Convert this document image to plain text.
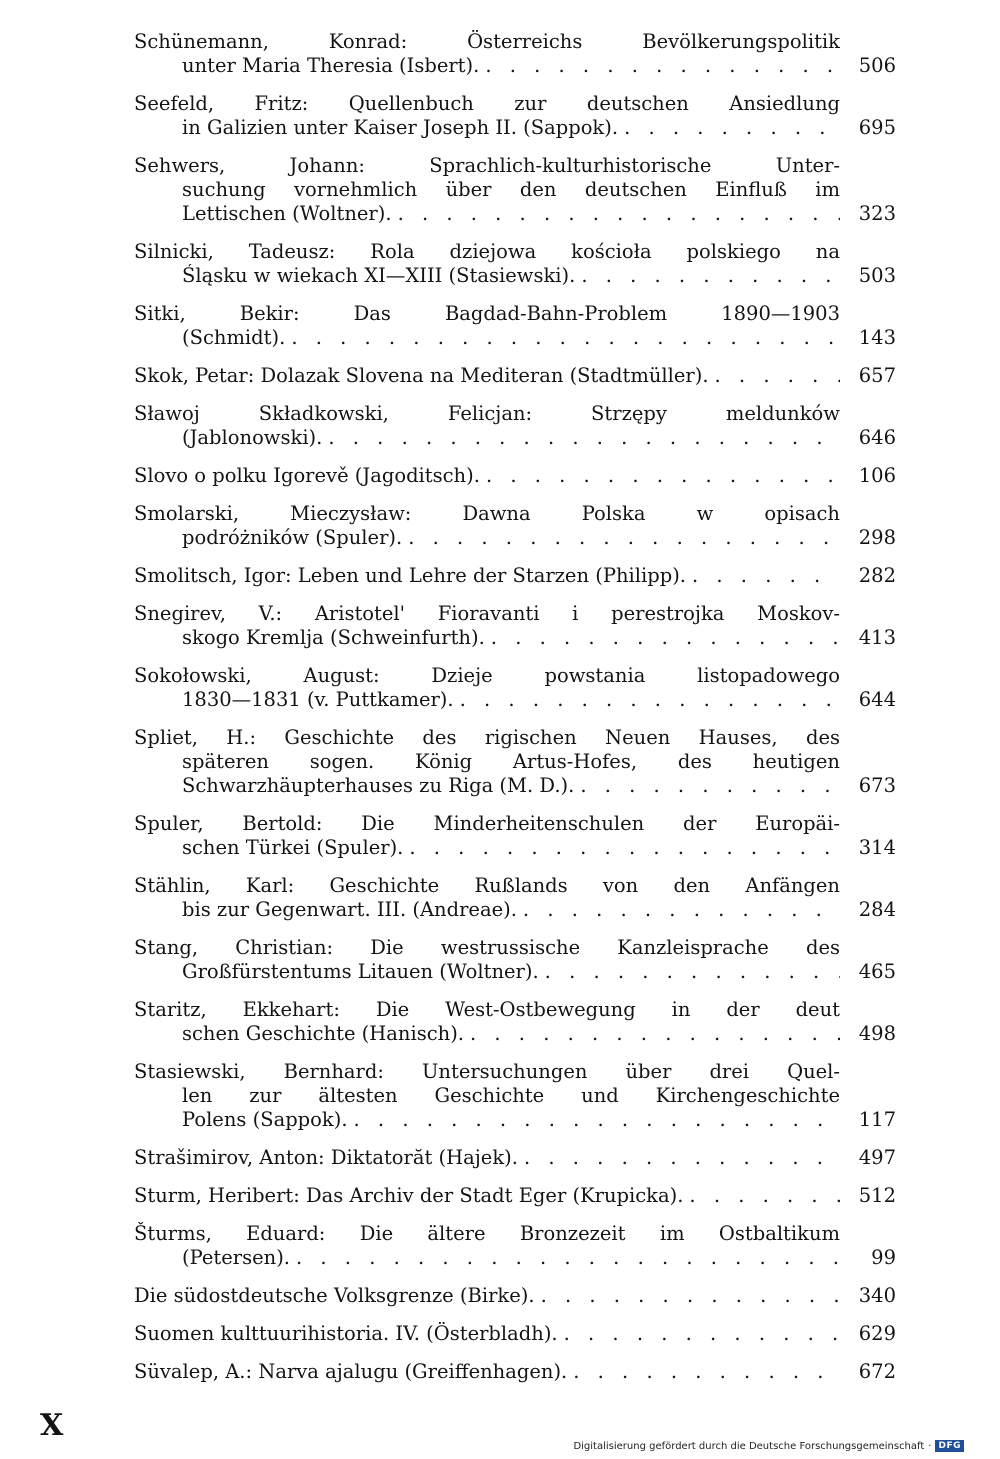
Schünemann, Konrad: Österreichs Bevölkerungspolitik
unter Maria Theresia (Isbert). . . .	506
Seefeld, Fritz: Quellenbuch zur deutschen Ansiedlung
in Galizien unter Kaiser Joseph II. (Sappok). . . .	695
Sehwers, Johann: Sprachlich-kulturhistorische Unter-
suchung vornehmlich über den deutschen Einfluß im
Lettischen (Woltner). . . .	323
Silnicki, Tadeusz: Rola dziejowa kościoła polskiego na
Śląsku w wiekach XI—XIII (Stasiewski). . . .	503
Sitki, Bekir: Das Bagdad-Bahn-Problem 1890—1903
(Schmidt). . . .	143
Skok, Petar: Dolazak Slovena na Mediteran (Stadtmüller). . . .	657
Sławoj Składkowski, Felicjan: Strzępy meldunków
(Jablonowski). . . .	646
Slovo o polku Igorevě (Jagoditsch). . . .	106
Smolarski, Mieczysław: Dawna Polska w opisach
podróżników (Spuler). . . .	298
Smolitsch, Igor: Leben und Lehre der Starzen (Philipp). . . .	282
Snegirev, V.: Aristotel' Fioravanti i perestrojka Moskov-
skogo Kremlja (Schweinfurth). . . .	413
Sokołowski, August: Dzieje powstania listopadowego
1830—1831 (v. Puttkamer). . . .	644
Spliet, H.: Geschichte des rigischen Neuen Hauses, des
späteren sogen. König Artus-Hofes, des heutigen
Schwarzhäupterhauses zu Riga (M. D.). . . .	673
Spuler, Bertold: Die Minderheitenschulen der Europäi-
schen Türkei (Spuler). . . .	314
Stählin, Karl: Geschichte Rußlands von den Anfängen
bis zur Gegenwart. III. (Andreae). . . .	284
Stang, Christian: Die westrussische Kanzleisprache des
Großfürstentums Litauen (Woltner). . . .	465
Staritz, Ekkehart: Die West-Ostbewegung in der deut
schen Geschichte (Hanisch). . . .	498
Stasiewski, Bernhard: Untersuchungen über drei Quel-
len zur ältesten Geschichte und Kirchengeschichte
Polens (Sappok). . . .	117
Strašimirov, Anton: Diktatorăt (Hajek). . . .	497
Sturm, Heribert: Das Archiv der Stadt Eger (Krupicka). . . .	512
Šturms, Eduard: Die ältere Bronzezeit im Ostbaltikum
(Petersen). . . .	99
Die südostdeutsche Volksgrenze (Birke). . . .	340
Suomen kulttuurihistoria. IV. (Österbladh). . . .	629
Süvalep, A.: Narva ajalugu (Greiffenhagen). . . .	672
X
Digitalisierung gefördert durch die Deutsche Forschungsgemeinschaft · DFG
